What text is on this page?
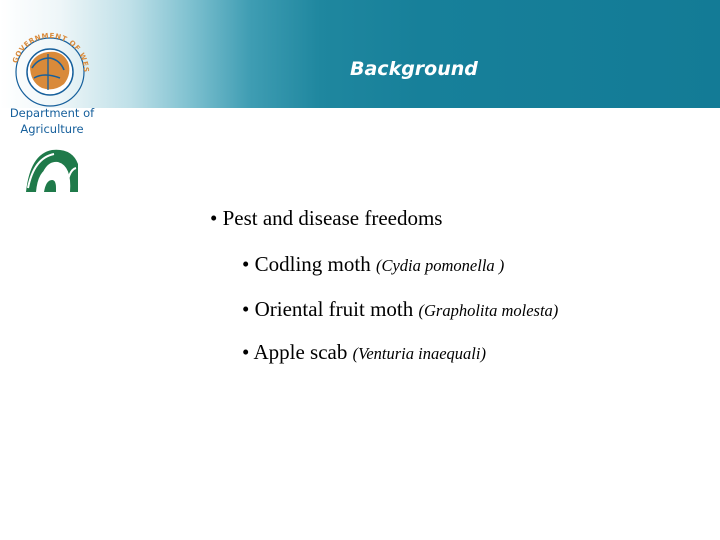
Background
GOVERNMENT OF WES
Department of
Agriculture
• Pest and disease freedoms
• Codling moth (Cydia pomonella )
• Oriental fruit moth (Grapholita molesta)
• Apple scab (Venturia inaequali)
